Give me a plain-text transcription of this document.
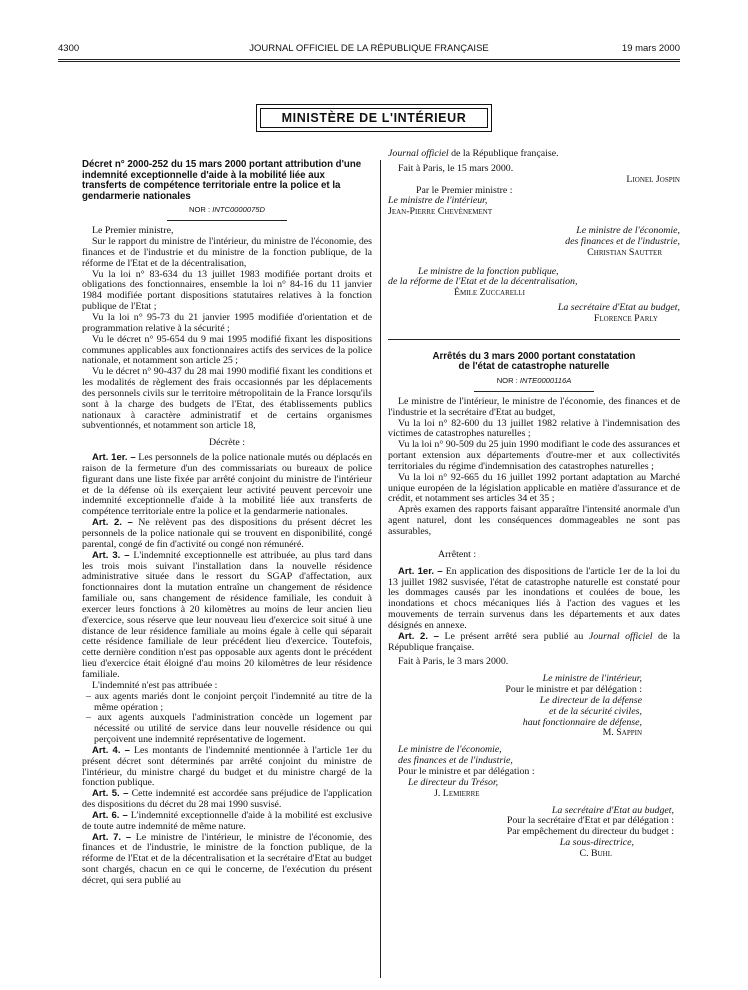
4300	JOURNAL OFFICIEL DE LA RÉPUBLIQUE FRANÇAISE	19 mars 2000
MINISTÈRE DE L'INTÉRIEUR
Décret n° 2000-252 du 15 mars 2000 portant attribution d'une indemnité exceptionnelle d'aide à la mobilité liée aux transferts de compétence territoriale entre la police et la gendarmerie nationales
NOR : INTC0000075D

Le Premier ministre,

Sur le rapport du ministre de l'intérieur, du ministre de l'économie, des finances et de l'industrie et du ministre de la fonction publique, de la réforme de l'Etat et de la décentralisation,

Vu la loi n° 83-634 du 13 juillet 1983 modifiée portant droits et obligations des fonctionnaires, ensemble la loi n° 84-16 du 11 janvier 1984 modifiée portant dispositions statutaires relatives à la fonction publique de l'Etat ;

Vu la loi n° 95-73 du 21 janvier 1995 modifiée d'orientation et de programmation relative à la sécurité ;

Vu le décret n° 95-654 du 9 mai 1995 modifié fixant les dispositions communes applicables aux fonctionnaires actifs des services de la police nationale, et notamment son article 25 ;

Vu le décret n° 90-437 du 28 mai 1990 modifié fixant les conditions et les modalités de règlement des frais occasionnés par les déplacements des personnels civils sur le territoire métropolitain de la France lorsqu'ils sont à la charge des budgets de l'Etat, des établissements publics nationaux à caractère administratif et de certains organismes subventionnés, et notamment son article 18,

Décrète :

Art. 1er. – Les personnels de la police nationale mutés ou déplacés en raison de la fermeture d'un des commissariats ou bureaux de police figurant dans une liste fixée par arrêté conjoint du ministre de l'intérieur et de la défense où ils exerçaient leur activité peuvent percevoir une indemnité exceptionnelle d'aide à la mobilité liée aux transferts de compétence territoriale entre la police et la gendarmerie nationales.

Art. 2. – Ne relèvent pas des dispositions du présent décret les personnels de la police nationale qui se trouvent en disponibilité, congé parental, congé de fin d'activité ou congé non rémunéré.

Art. 3. – L'indemnité exceptionnelle est attribuée, au plus tard dans les trois mois suivant l'installation dans la nouvelle résidence administrative située dans le ressort du SGAP d'affectation, aux fonctionnaires dont la mutation entraîne un changement de résidence familiale ou, sans changement de résidence familiale, les conduit à exercer leurs fonctions à 20 kilomètres au moins de leur ancien lieu d'exercice, sous réserve que leur nouveau lieu d'exercice soit situé à une distance de leur résidence familiale au moins égale à celle qui séparait cette résidence familiale de leur précédent lieu d'exercice. Toutefois, cette dernière condition n'est pas opposable aux agents dont le précédent lieu d'exercice était éloigné d'au moins 20 kilomètres de leur résidence familiale.

L'indemnité n'est pas attribuée :

– aux agents mariés dont le conjoint perçoit l'indemnité au titre de la même opération ;
– aux agents auxquels l'administration concède un logement par nécessité ou utilité de service dans leur nouvelle résidence ou qui perçoivent une indemnité représentative de logement.

Art. 4. – Les montants de l'indemnité mentionnée à l'article 1er du présent décret sont déterminés par arrêté conjoint du ministre de l'intérieur, du ministre chargé du budget et du ministre chargé de la fonction publique.

Art. 5. – Cette indemnité est accordée sans préjudice de l'application des dispositions du décret du 28 mai 1990 susvisé.

Art. 6. – L'indemnité exceptionnelle d'aide à la mobilité est exclusive de toute autre indemnité de même nature.

Art. 7. – Le ministre de l'intérieur, le ministre de l'économie, des finances et de l'industrie, le ministre de la fonction publique, de la réforme de l'Etat et de la décentralisation et la secrétaire d'Etat au budget sont chargés, chacun en ce qui le concerne, de l'exécution du présent décret, qui sera publié au

Journal officiel de la République française.

Fait à Paris, le 15 mars 2000.

Lionel Jospin
Par le Premier ministre :
Le ministre de l'intérieur,
Jean-Pierre Chevènement
Le ministre de l'économie,
des finances et de l'industrie,
Christian Sautter
Le ministre de la fonction publique,
de la réforme de l'Etat et de la décentralisation,
Émile Zuccarelli
La secrétaire d'Etat au budget,
Florence Parly
Arrêtés du 3 mars 2000 portant constatation
de l'état de catastrophe naturelle
NOR : INTE0000116A

Le ministre de l'intérieur, le ministre de l'économie, des finances et de l'industrie et la secrétaire d'Etat au budget,

Vu la loi n° 82-600 du 13 juillet 1982 relative à l'indemnisation des victimes de catastrophes naturelles ;

Vu la loi n° 90-509 du 25 juin 1990 modifiant le code des assurances et portant extension aux départements d'outre-mer et aux collectivités territoriales du régime d'indemnisation des catastrophes naturelles ;

Vu la loi n° 92-665 du 16 juillet 1992 portant adaptation au Marché unique européen de la législation applicable en matière d'assurance et de crédit, et notamment ses articles 34 et 35 ;

Après examen des rapports faisant apparaître l'intensité anormale d'un agent naturel, dont les conséquences dommageables ne sont pas assurables,

Arrêtent :

Art. 1er. – En application des dispositions de l'article 1er de la loi du 13 juillet 1982 susvisée, l'état de catastrophe naturelle est constaté pour les dommages causés par les inondations et coulées de boue, les inondations et chocs mécaniques liés à l'action des vagues et les mouvements de terrain survenus dans les départements et aux dates désignés en annexe.

Art. 2. – Le présent arrêté sera publié au Journal officiel de la République française.

Fait à Paris, le 3 mars 2000.

Le ministre de l'intérieur,
Pour le ministre et par délégation :
Le directeur de la défense
et de la sécurité civiles,
haut fonctionnaire de défense,
M. Sappin
Le ministre de l'économie,
des finances et de l'industrie,
Pour le ministre et par délégation :
Le directeur du Trésor,
J. Lemierre
La secrétaire d'Etat au budget,
Pour la secrétaire d'Etat et par délégation :
Par empêchement du directeur du budget :
La sous-directrice,
C. Buhl
